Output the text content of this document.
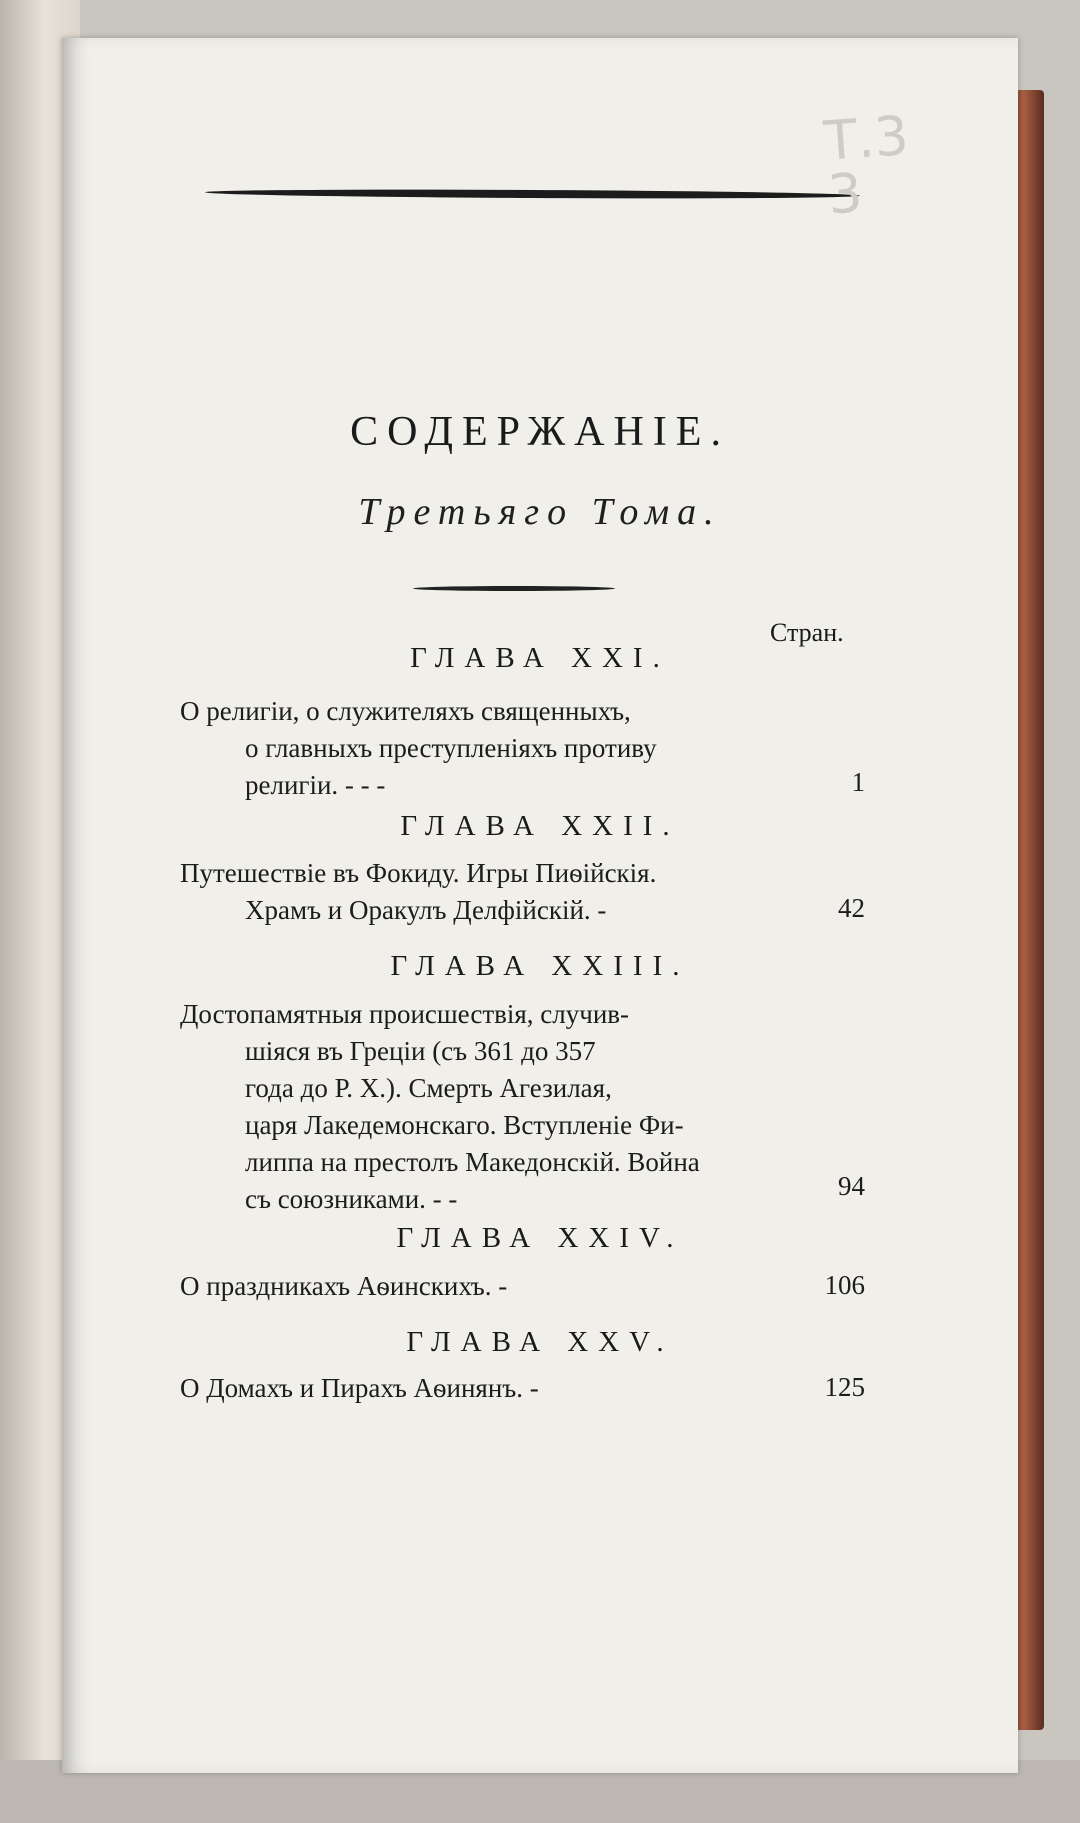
Т.3
3
СОДЕРЖАНІЕ.
Третьяго Тома.
Стран.
ГЛАВА XXI.
О религіи, о служителяхъ священныхъ,
о главныхъ преступленіяхъ противу
религіи. - - -	1
ГЛАВА XXII.
Путешествіе въ Фокиду. Игры Пиѳійскія.
Храмъ и Оракулъ Делфійскій. -	42
ГЛАВА XXIII.
Достопамятныя происшествія, случив-
шіяся въ Греціи (съ 361 до 357
года до Р. Х.). Смерть Агезилая,
царя Лакедемонскаго. Вступленіе Фи-
липпа на престолъ Македонскій. Война
съ союзниками. - -	94
ГЛАВА XXIV.
О праздникахъ Аѳинскихъ. -	106
ГЛАВА XXV.
О Домахъ и Пирахъ Аѳинянъ. -	125
